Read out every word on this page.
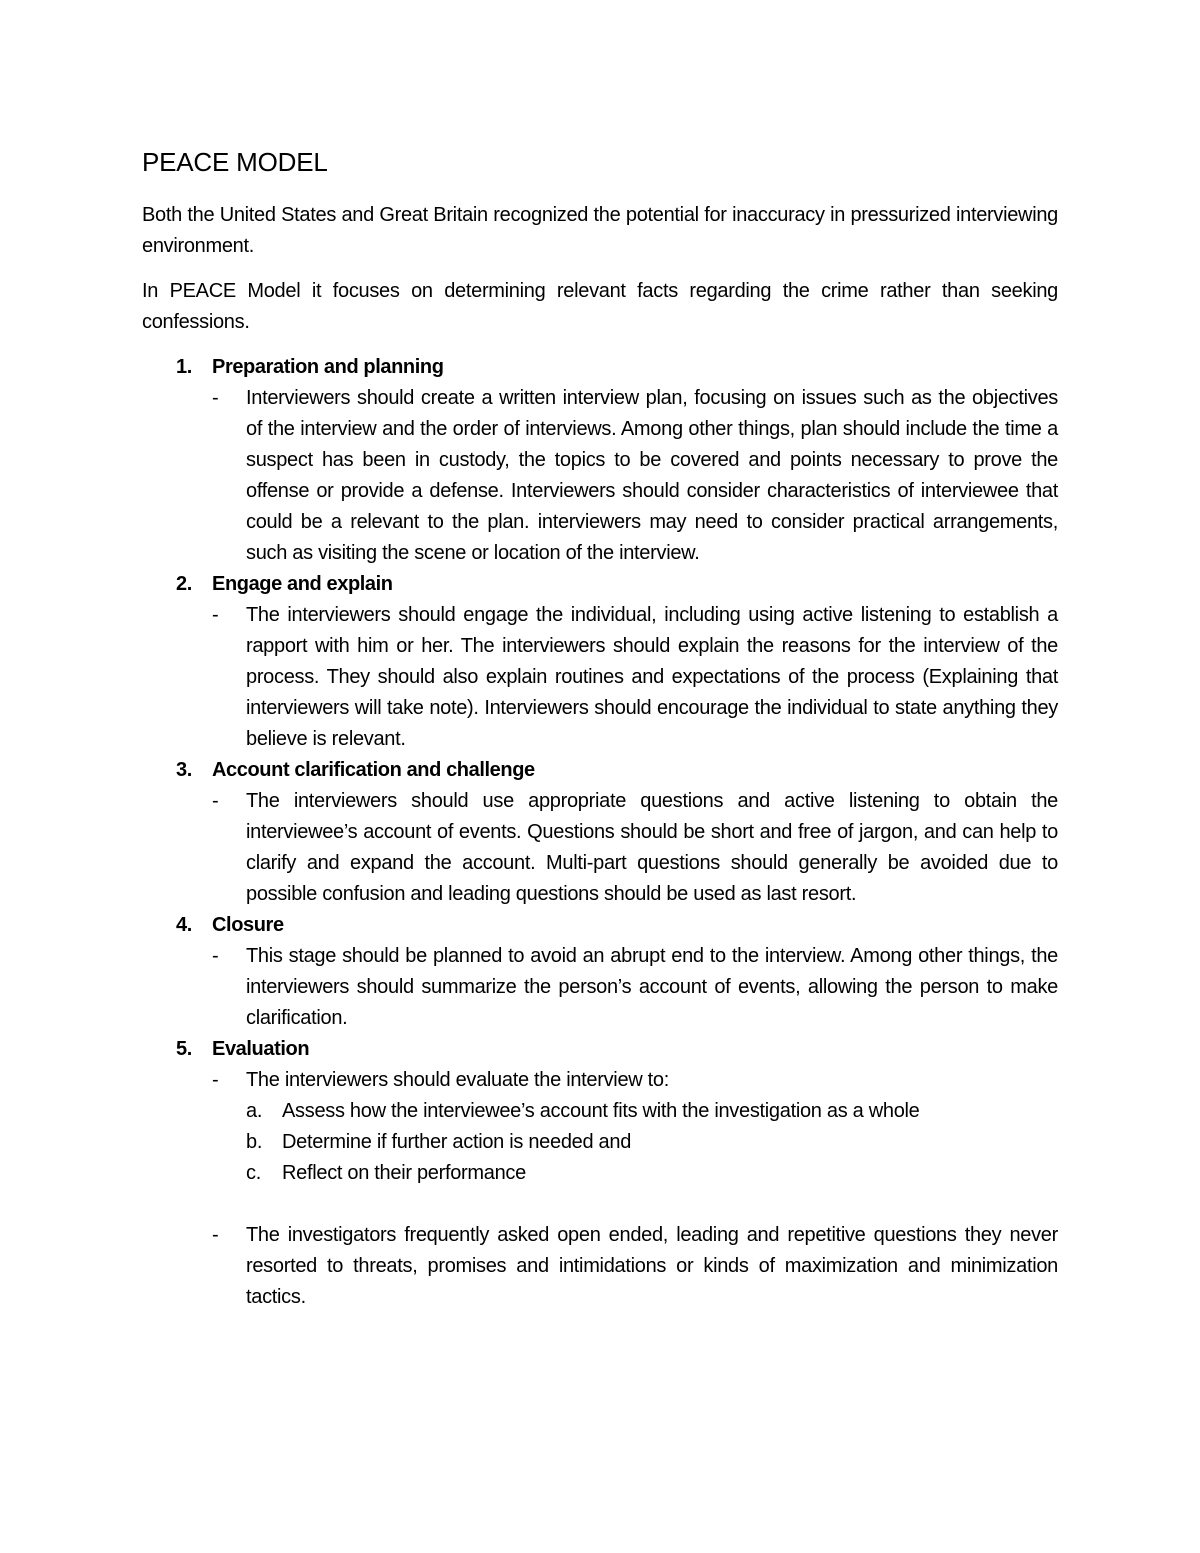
PEACE MODEL

Both the United States and Great Britain recognized the potential for inaccuracy in pressurized interviewing environment.

In PEACE Model it focuses on determining relevant facts regarding the crime rather than seeking confessions.

1.	Preparation and planning
-	Interviewers should create a written interview plan, focusing on issues such as the objectives of the interview and the order of interviews. Among other things, plan should include the time a suspect has been in custody, the topics to be covered and points necessary to prove the offense or provide a defense. Interviewers should consider characteristics of interviewee that could be a relevant to the plan. interviewers may need to consider practical arrangements, such as visiting the scene or location of the interview.
2.	Engage and explain
-	The interviewers should engage the individual, including using active listening to establish a rapport with him or her. The interviewers should explain the reasons for the interview of the process. They should also explain routines and expectations of the process (Explaining that interviewers will take note). Interviewers should encourage the individual to state anything they believe is relevant.
3.	Account clarification and challenge
-	The interviewers should use appropriate questions and active listening to obtain the interviewee’s account of events. Questions should be short and free of jargon, and can help to clarify and expand the account. Multi-part questions should generally be avoided due to possible confusion and leading questions should be used as last resort.
4.	Closure
-	This stage should be planned to avoid an abrupt end to the interview. Among other things, the interviewers should summarize the person’s account of events, allowing the person to make clarification.
5.	Evaluation
-	The interviewers should evaluate the interview to:
a. Assess how the interviewee’s account fits with the investigation as a whole
b. Determine if further action is needed and
c.	Reflect on their performance
-	The investigators frequently asked open ended, leading and repetitive questions they never resorted to threats, promises and intimidations or kinds of maximization and minimization tactics.
